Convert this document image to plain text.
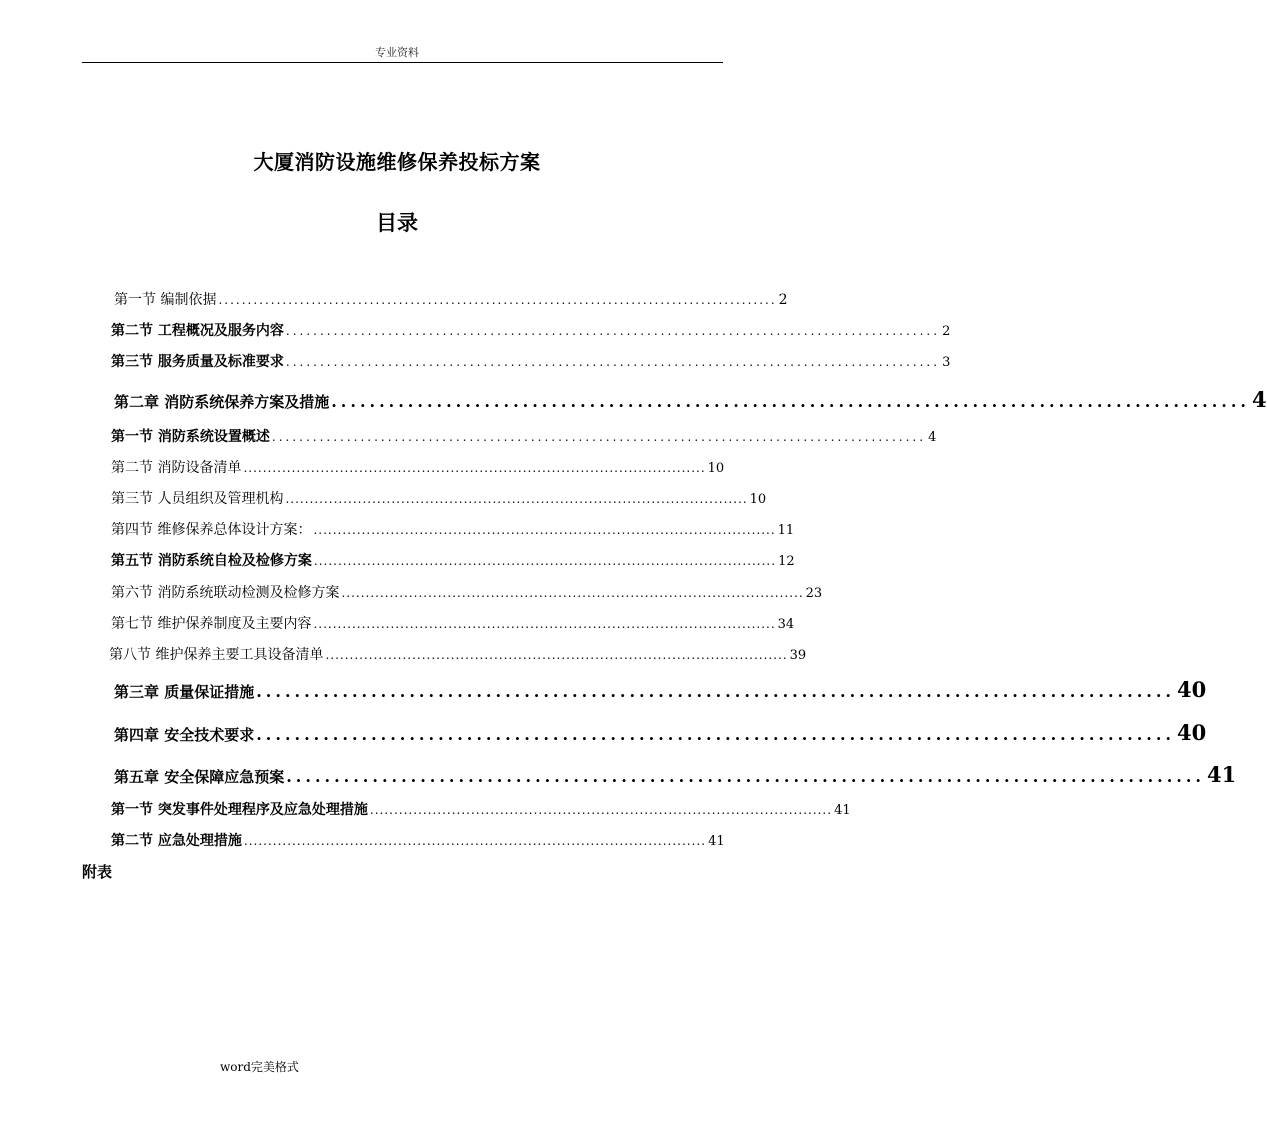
专业资料
大厦消防设施维修保养投标方案
目录
第一节 编制依据 ................................................................................................ 2
第二节 工程概况及服务内容 ................................................................................................ 2
第三节 服务质量及标准要求 ................................................................................................ 3
第二章 消防系统保养方案及措施 ................................................................................................ 4
第一节 消防系统设置概述 ................................................................................................ 4
第二节 消防设备清单 ................................................................................................ 10
第三节 人员组织及管理机构 ................................................................................................ 10
第四节 维修保养总体设计方案： ................................................................................................ 11
第五节 消防系统自检及检修方案 ................................................................................................ 12
第六节 消防系统联动检测及检修方案 ................................................................................................ 23
第七节 维护保养制度及主要内容 ................................................................................................ 34
第八节 维护保养主要工具设备清单 ................................................................................................ 39
第三章 质量保证措施 ................................................................................................ 40
第四章 安全技术要求 ................................................................................................ 40
第五章 安全保障应急预案 ................................................................................................ 41
第一节 突发事件处理程序及应急处理措施 ................................................................................................ 41
第二节 应急处理措施 ................................................................................................ 41
附表
word完美格式
